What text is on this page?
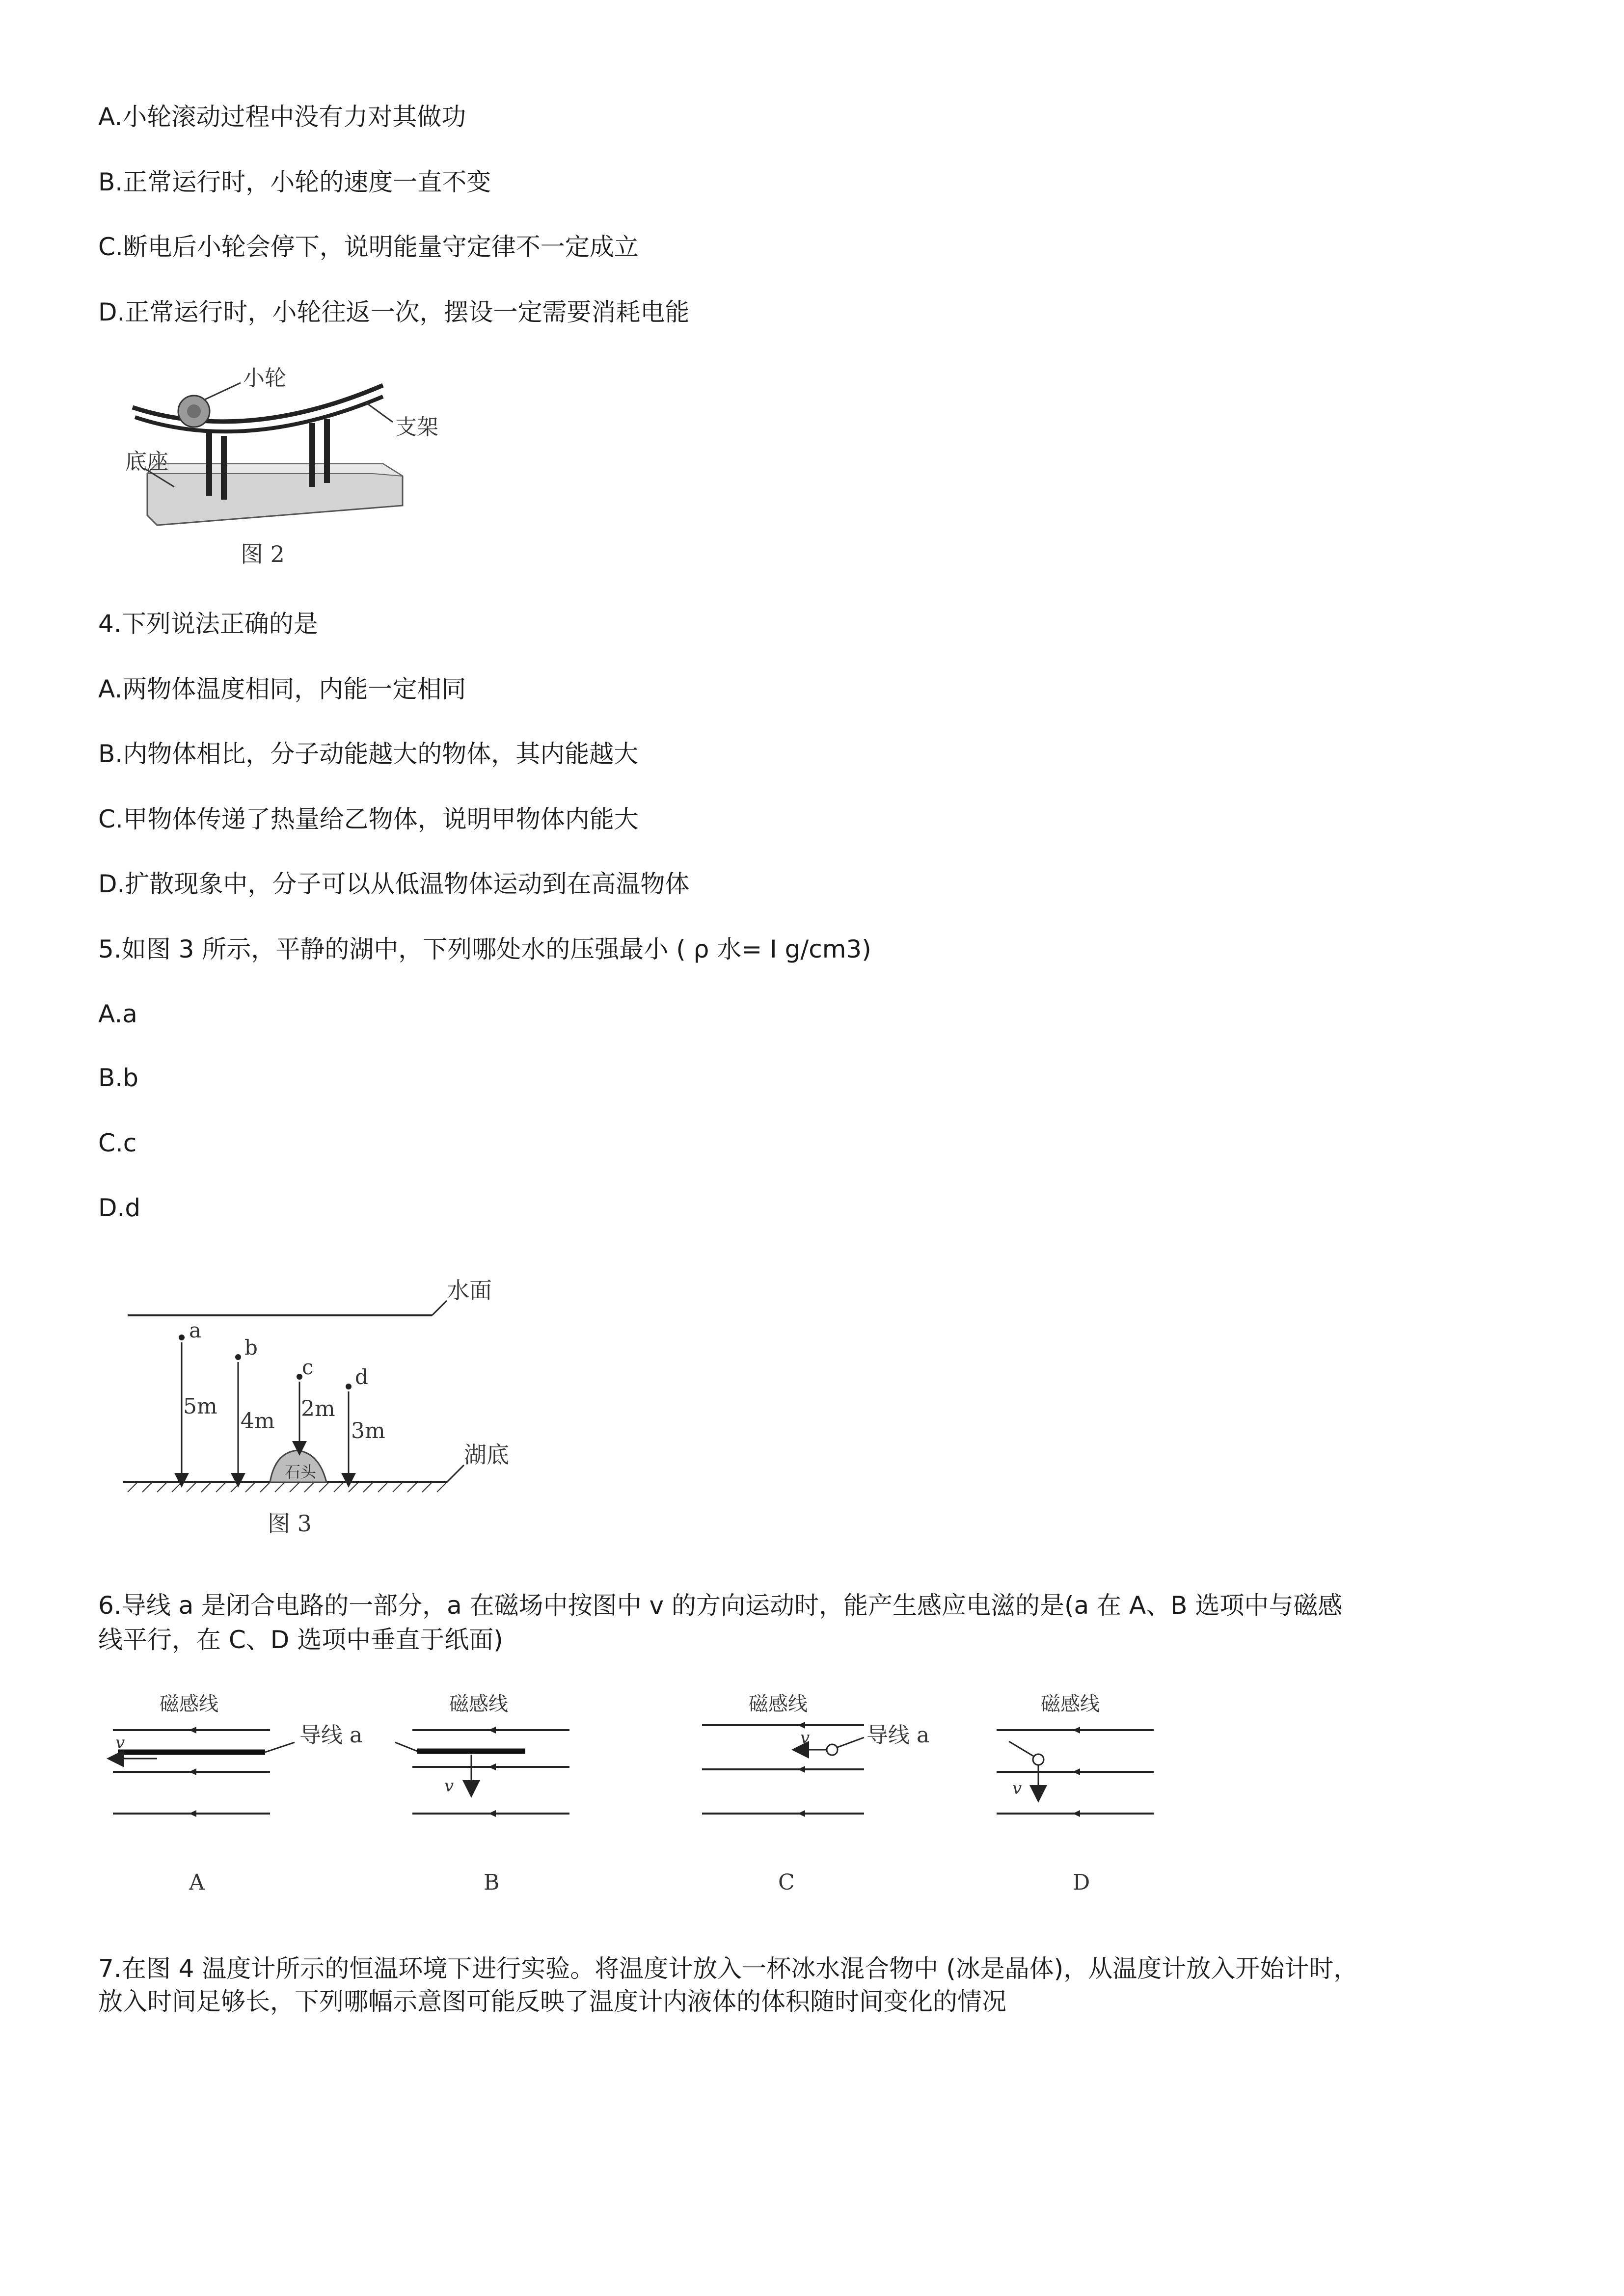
A.小轮滚动过程中没有力对其做功
B.正常运行时，小轮的速度一直不变
C.断电后小轮会停下，说明能量守定律不一定成立
D.正常运行时，小轮往返一次，摆设一定需要消耗电能
小轮
支架
底座
图 2
4.下列说法正确的是
A.两物体温度相同，内能一定相同
B.内物体相比，分子动能越大的物体，其内能越大
C.甲物体传递了热量给乙物体，说明甲物体内能大
D.扩散现象中，分子可以从低温物体运动到在高温物体
5.如图 3 所示，平静的湖中，下列哪处水的压强最小 ( ρ 水= I g/cm3)
A.a
B.b
C.c
D.d
水面
湖底
石头
a
5m
b
4m
c
2m
d
3m
图 3
6.导线 a 是闭合电路的一部分，a 在磁场中按图中 v 的方向运动时，能产生感应电滋的是(a 在 A、B 选项中与磁感
线平行，在 C、D 选项中垂直于纸面)
磁感线
v
A
导线 a
磁感线
v
B
磁感线
v
C
导线 a
磁感线
v
D
7.在图 4 温度计所示的恒温环境下进行实验。将温度计放入一杯冰水混合物中 (冰是晶体)，从温度计放入开始计时，
放入时间足够长，下列哪幅示意图可能反映了温度计内液体的体积随时间变化的情况
